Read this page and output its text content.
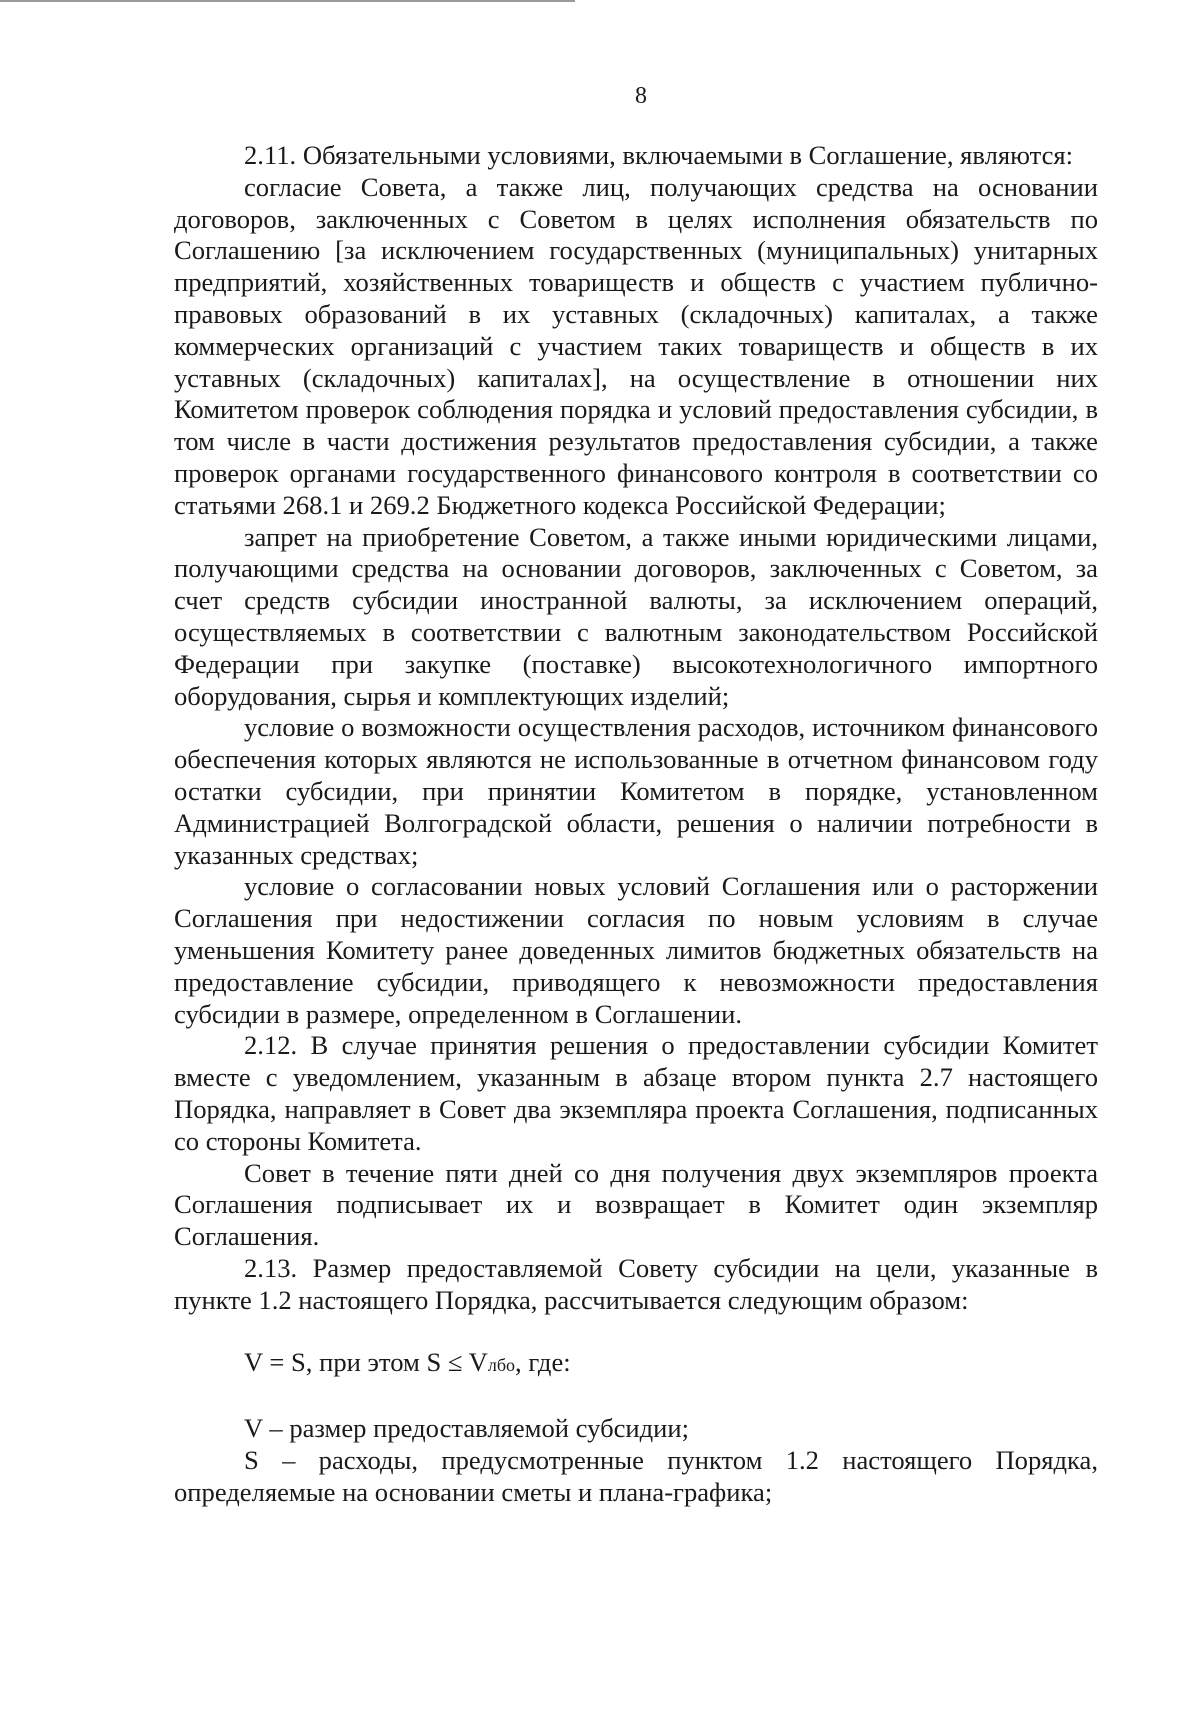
8

2.11. Обязательными условиями, включаемыми в Соглашение, являются:

согласие Совета, а также лиц, получающих средства на основании договоров, заключенных с Советом в целях исполнения обязательств по Соглашению [за исключением государственных (муниципальных) унитарных предприятий, хозяйственных товариществ и обществ с участием публично-правовых образований в их уставных (складочных) капиталах, а также коммерческих организаций с участием таких товариществ и обществ в их уставных (складочных) капиталах], на осуществление в отношении них Комитетом проверок соблюдения порядка и условий предоставления субсидии, в том числе в части достижения результатов предоставления субсидии, а также проверок органами государственного финансового контроля в соответствии со статьями 268.1 и 269.2 Бюджетного кодекса Российской Федерации;

запрет на приобретение Советом, а также иными юридическими лицами, получающими средства на основании договоров, заключенных с Советом, за счет средств субсидии иностранной валюты, за исключением операций, осуществляемых в соответствии с валютным законодательством Российской Федерации при закупке (поставке) высокотехнологичного импортного оборудования, сырья и комплектующих изделий;

условие о возможности осуществления расходов, источником финансового обеспечения которых являются не использованные в отчетном финансовом году остатки субсидии, при принятии Комитетом в порядке, установленном Администрацией Волгоградской области, решения о наличии потребности в указанных средствах;

условие о согласовании новых условий Соглашения или о расторжении Соглашения при недостижении согласия по новым условиям в случае уменьшения Комитету ранее доведенных лимитов бюджетных обязательств на предоставление субсидии, приводящего к невозможности предоставления субсидии в размере, определенном в Соглашении.

2.12. В случае принятия решения о предоставлении субсидии Комитет вместе с уведомлением, указанным в абзаце втором пункта 2.7 настоящего Порядка, направляет в Совет два экземпляра проекта Соглашения, подписанных со стороны Комитета.

Совет в течение пяти дней со дня получения двух экземпляров проекта Соглашения подписывает их и возвращает в Комитет один экземпляр Соглашения.

2.13. Размер предоставляемой Совету субсидии на цели, указанные в пункте 1.2 настоящего Порядка, рассчитывается следующим образом:

V = S, при этом S ≤ Vлбо, где:

V – размер предоставляемой субсидии;

S – расходы, предусмотренные пунктом 1.2 настоящего Порядка, определяемые на основании сметы и плана-графика;
